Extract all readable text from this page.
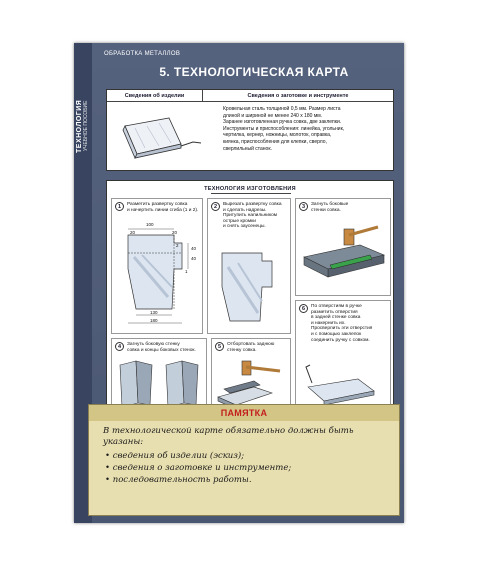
ТЕХНОЛОГИЯ УЧЕБНОЕ ПОСОБИЕ
ОБРАБОТКА МЕТАЛЛОВ
5. ТЕХНОЛОГИЧЕСКАЯ КАРТА
Сведения об изделии	Сведения о заготовке и инструменте
Кровельная сталь толщиной 0,5 мм. Размер листа
длиной и шириной не менее 240 х 180 мм.
Заранее изготовленная ручка совка, две заклепки.
Инструменты и приспособления: линейка, угольник,
чертилка, кернер, ножницы, молоток, оправка,
киянка, приспособления для клепки, сверло,
сверлильный станок.
ТЕХНОЛОГИЯ ИЗГОТОВЛЕНИЯ
1	Разметить развертку совка
и начертить линии сгиба (1 и 2).
100
20	20
40
40
1
2
130
180
2	Вырезать развертку совка
и сделать надрезы.
Притупить напильником
острые кромки
и снять заусенецы.
3	Загнуть боковые
стенки совка.
4	Загнуть боковую стенку
совка и концы боковых стенок.
5	Отбортовать заднюю
стенку совка.
6	По отверстиям в ручке
разметить отверстия
в задней стенке совка
и накернить их.
Просверлить эти отверстия
и с помощью заклепок
соединить ручку с совком.
ПАМЯТКА
В технологической карте обязательно должны быть указаны:
• сведения об изделии (эскиз);
• сведения о заготовке и инструменте;
• последовательность работы.
